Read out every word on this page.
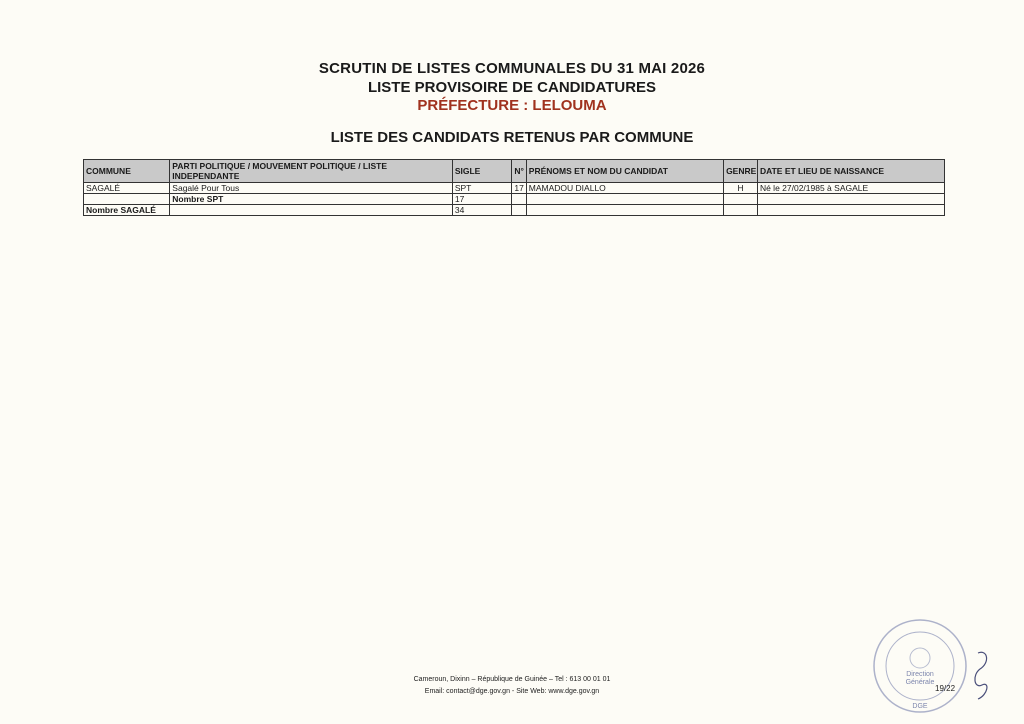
SCRUTIN DE LISTES COMMUNALES DU 31 MAI 2026
LISTE PROVISOIRE DE CANDIDATURES
PRÉFECTURE : LELOUMA
LISTE DES CANDIDATS RETENUS PAR COMMUNE
COMMUNE	PARTI POLITIQUE / MOUVEMENT POLITIQUE / LISTE INDEPENDANTE	SIGLE	N°	PRÉNOMS ET NOM DU CANDIDAT	GENRE	DATE ET LIEU DE NAISSANCE
SAGALÉ	Sagalé Pour Tous	SPT	17	MAMADOU DIALLO	H	Né le 27/02/1985 à SAGALE
	Nombre SPT	17				
Nombre SAGALÉ		34				
Cameroun, Dixinn – République de Guinée – Tel : 613 00 01 01
Email: contact@dge.gov.gn - Site Web: www.dge.gov.gn
Direction
Générale
DGE
19/22
